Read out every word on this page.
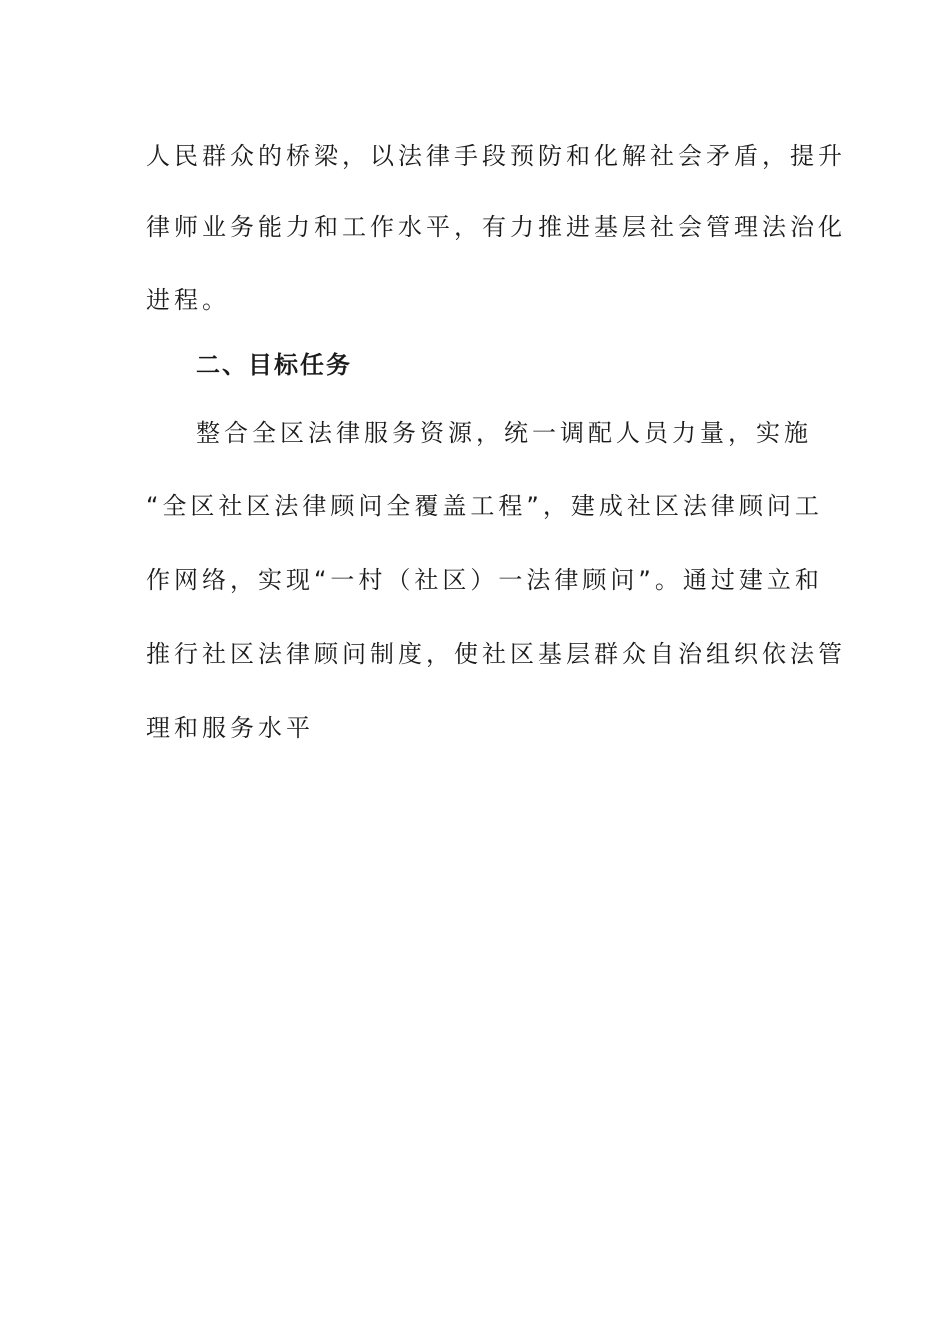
人民群众的桥梁，以法律手段预防和化解社会矛盾，提升
律师业务能力和工作水平，有力推进基层社会管理法治化
进程。
二、目标任务
整合全区法律服务资源，统一调配人员力量，实施
“全区社区法律顾问全覆盖工程”，建成社区法律顾问工
作网络，实现“一村（社区）一法律顾问”。通过建立和
推行社区法律顾问制度，使社区基层群众自治组织依法管
理和服务水平
